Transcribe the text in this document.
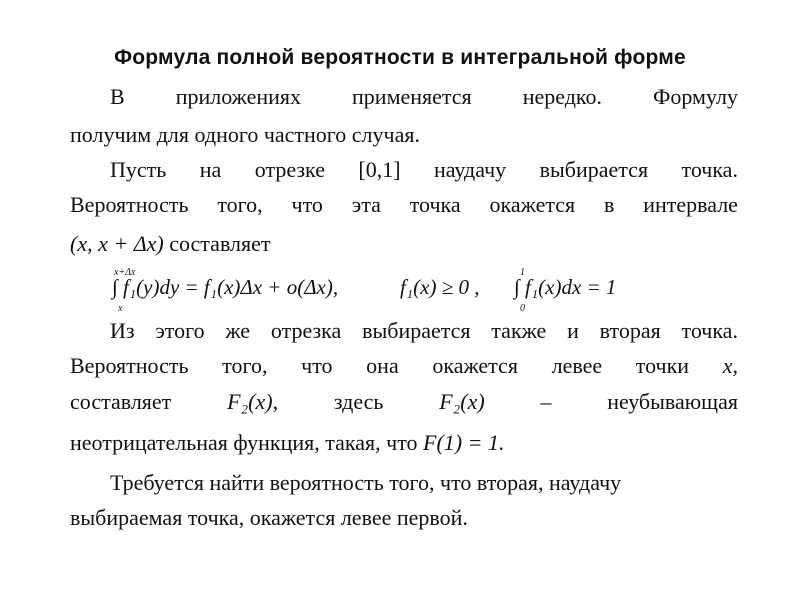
Формула полной вероятности в интегральной форме
В приложениях применяется нередко. Формулу
получим для одного частного случая.
Пусть на отрезке [0,1] наудачу выбирается точка.
Вероятность того, что эта точка окажется в интервале
(x, x + Δx) составляет
x+Δx
x
∫ f₁(y)dy = f₁(x)Δx + o(Δx),	f₁(x) ≥ 0 ,
1
0
∫ f₁(x)dx = 1
Из этого же отрезка выбирается также и вторая точка.
Вероятность того, что она окажется левее точки x,
составляет	F₂(x),	здесь	F₂(x)	–	неубывающая
неотрицательная функция, такая, что F(1) = 1.
Требуется найти вероятность того, что вторая, наудачу
выбираемая точка, окажется левее первой.
